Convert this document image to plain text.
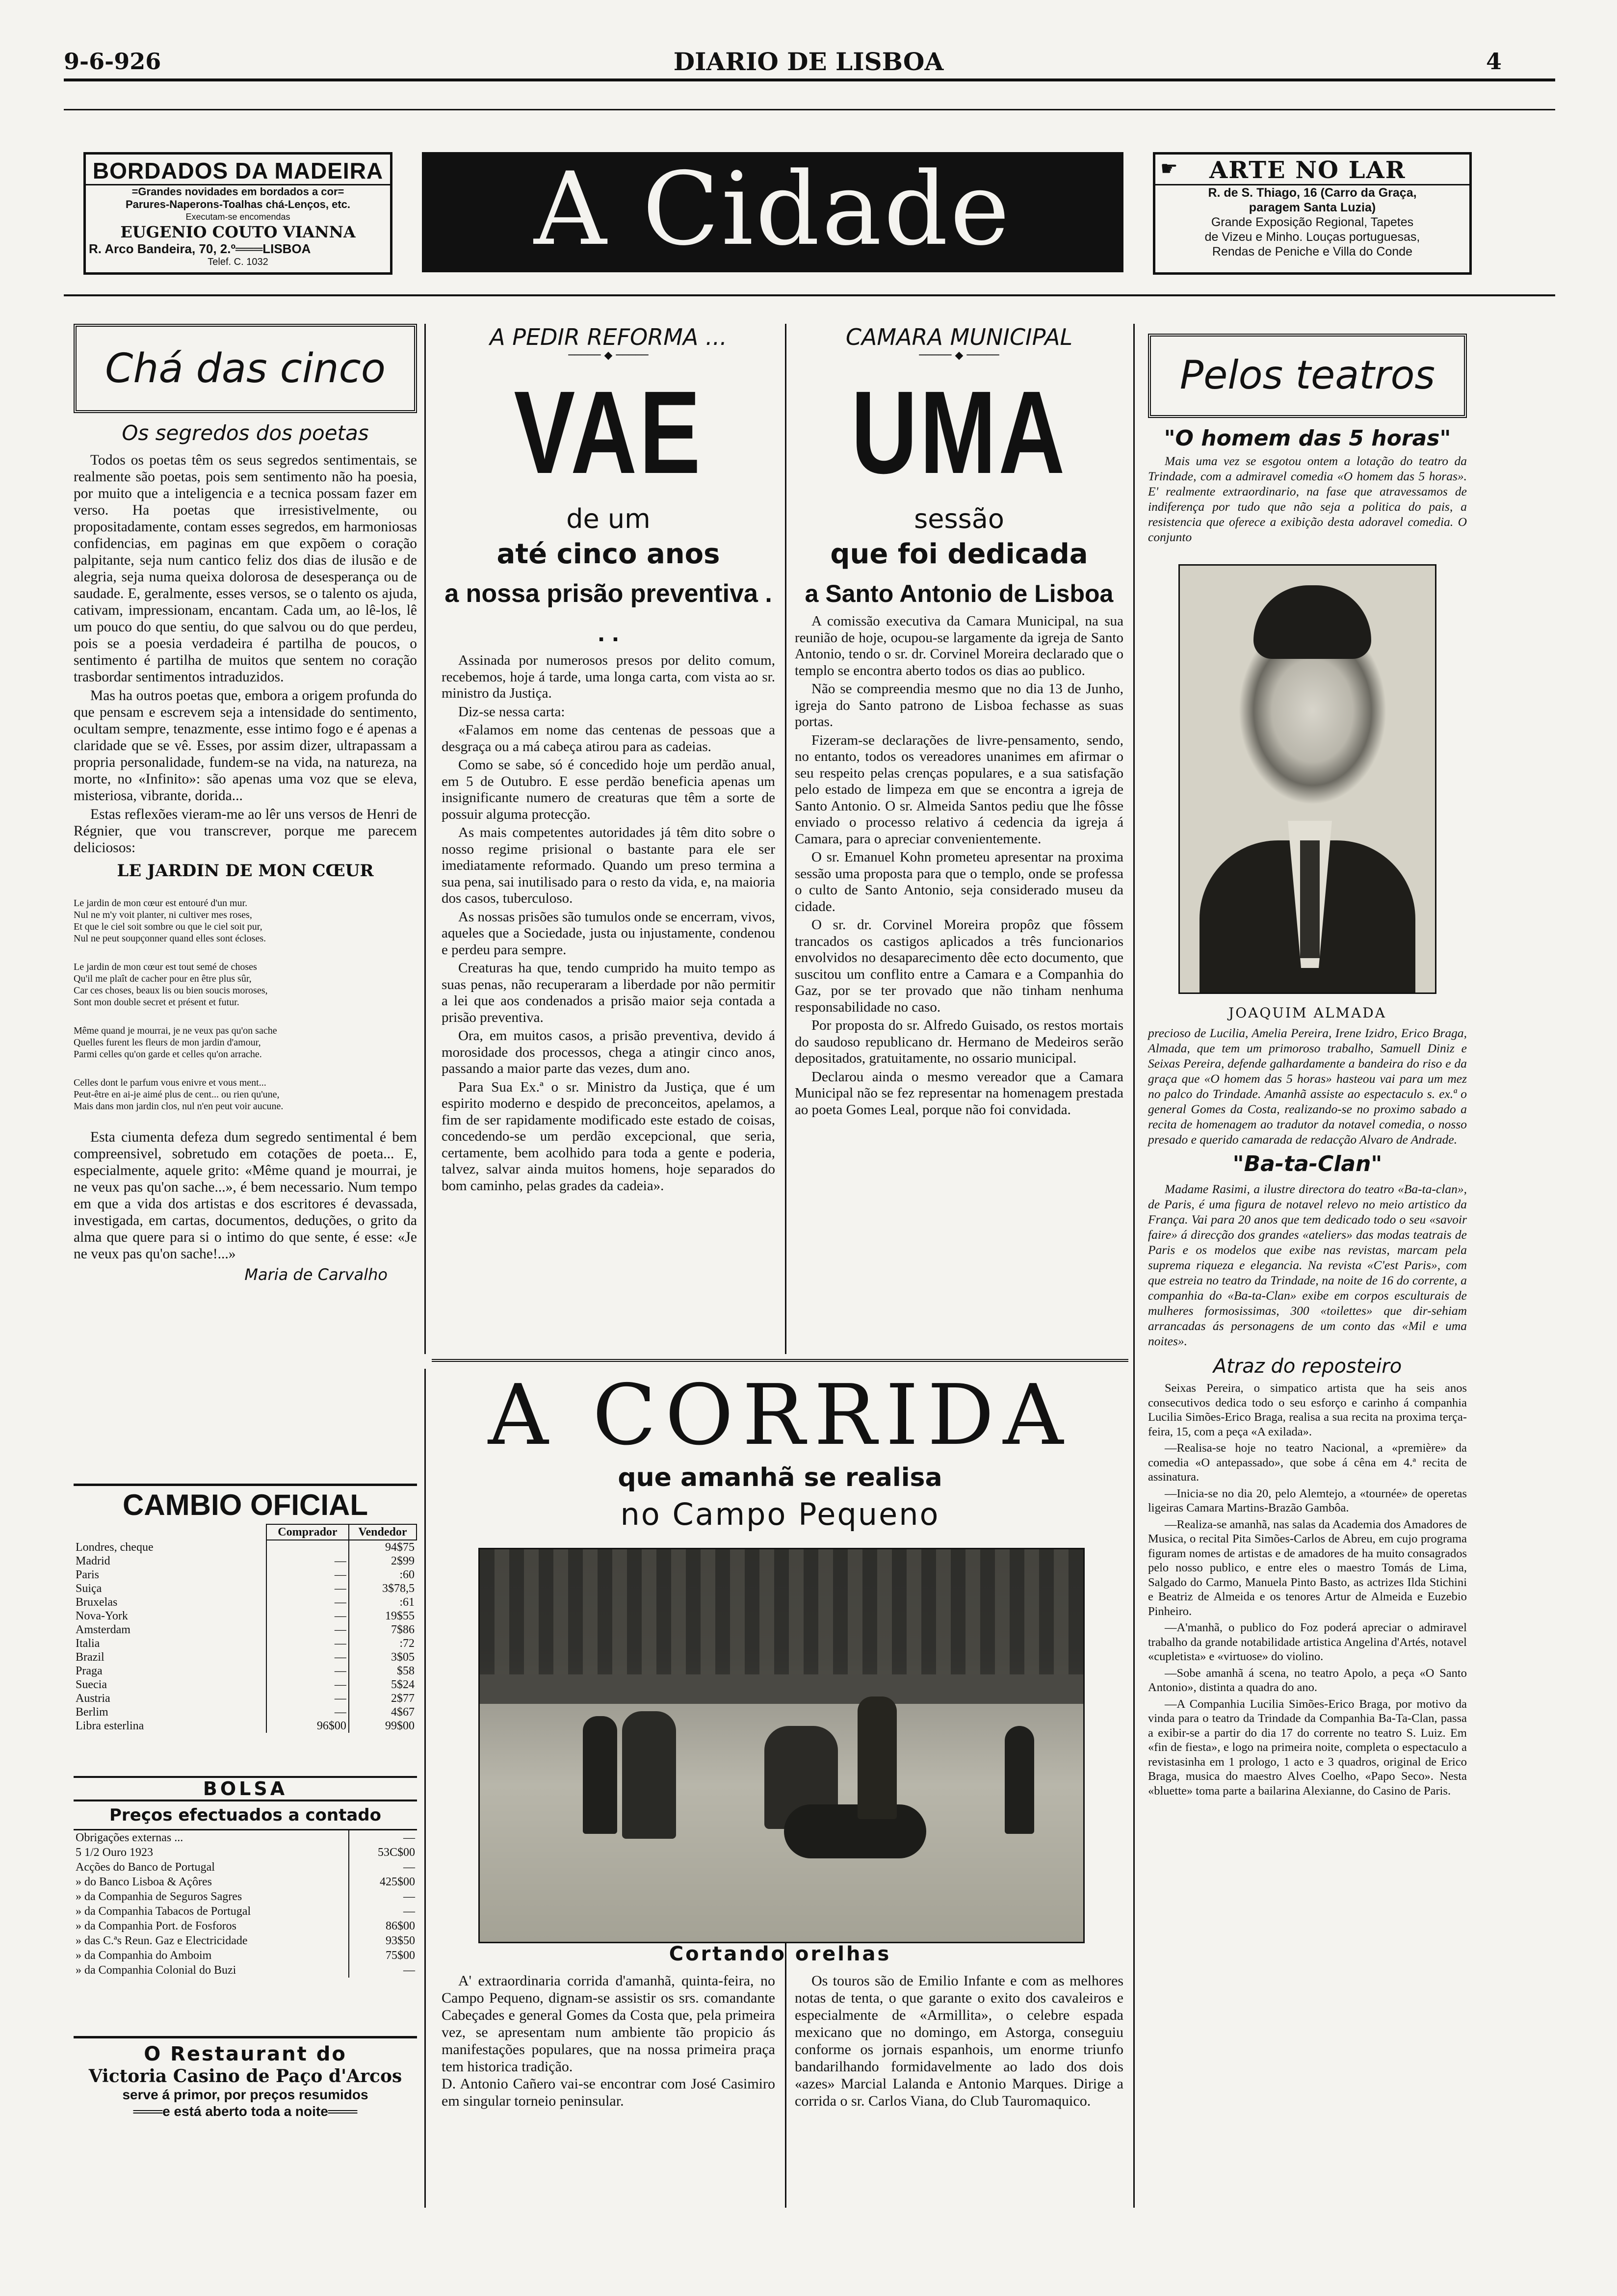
9-6-926	DIARIO DE LISBOA	4
BORDADOS DA MADEIRA
=Grandes novidades em bordados a cor=
Parures-Naperons-Toalhas chá-Lenços, etc.
Executam-se encomendas
EUGENIO COUTO VIANNA
R. Arco Bandeira, 70, 2.º═══LISBOA
Telef. C. 1032	A Cidade	☛ ARTE NO LAR
R. de S. Thiago, 16 (Carro da Graça,
paragem Santa Luzia)
Grande Exposição Regional, Tapetes
de Vizeu e Minho. Louças portuguesas,
Rendas de Peniche e Villa do Conde
Chá das cinco
Os segredos dos poetas

Todos os poetas têm os seus segredos sentimentais, se realmente são poetas, pois sem sentimento não ha poesia, por muito que a inteligencia e a tecnica possam fazer em verso. Ha poetas que irresistivelmente, ou propositadamente, contam esses segredos, em harmoniosas confidencias, em paginas em que expõem o coração palpitante, seja num cantico feliz dos dias de ilusão e de alegria, seja numa queixa dolorosa de desesperança ou de saudade. E, geralmente, esses versos, se o talento os ajuda, cativam, impressionam, encantam. Cada um, ao lê-los, lê um pouco do que sentiu, do que salvou ou do que perdeu, pois se a poesia verdadeira é partilha de poucos, o sentimento é partilha de muitos que sentem no coração trasbordar sentimentos intraduzidos.

Mas ha outros poetas que, embora a origem profunda do que pensam e escrevem seja a intensidade do sentimento, ocultam sempre, tenazmente, esse intimo fogo e é apenas a claridade que se vê. Esses, por assim dizer, ultrapassam a propria personalidade, fundem-se na vida, na natureza, na morte, no «Infinito»: são apenas uma voz que se eleva, misteriosa, vibrante, dorida...

Estas reflexões vieram-me ao lêr uns versos de Henri de Régnier, que vou transcrever, porque me parecem deliciosos:

LE JARDIN DE MON CŒUR

Le jardin de mon cœur est entouré d'un mur.
Nul ne m'y voit planter, ni cultiver mes roses,
Et que le ciel soit sombre ou que le ciel soit pur,
Nul ne peut soupçonner quand elles sont écloses.

Le jardin de mon cœur est tout semé de choses
Qu'il me plaît de cacher pour en être plus sûr,
Car ces choses, beaux lis ou bien soucis moroses,
Sont mon double secret et présent et futur.

Même quand je mourrai, je ne veux pas qu'on sache
Quelles furent les fleurs de mon jardin d'amour,
Parmi celles qu'on garde et celles qu'on arrache.

Celles dont le parfum vous enivre et vous ment...
Peut-être en ai-je aimé plus de cent... ou rien qu'une,
Mais dans mon jardin clos, nul n'en peut voir aucune.

Esta ciumenta defeza dum segredo sentimental é bem compreensivel, sobretudo em cotações de poeta... E, especialmente, aquele grito: «Même quand je mourrai, je ne veux pas qu'on sache...», é bem necessario. Num tempo em que a vida dos artistas e dos escritores é devassada, investigada, em cartas, documentos, deduções, o grito da alma que quere para si o intimo do que sente, é esse: «Je ne veux pas qu'on sache!...»

Maria de Carvalho
CAMBIO OFICIAL
	Comprador	Vendedor
Londres, cheque		94$75
Madrid	—	2$99
Paris	—	:60
Suiça	—	3$78,5
Bruxelas	—	:61
Nova-York	—	19$55
Amsterdam	—	7$86
Italia	—	:72
Brazil	—	3$05
Praga	—	$58
Suecia	—	5$24
Austria	—	2$77
Berlim	—	4$67
Libra esterlina	96$00	99$00
BOLSA
Preços efectuados a contado
Obrigações externas ...	—
5 1/2 Ouro 1923	53C$00
Acções do Banco de Portugal	—
» do Banco Lisboa & Açôres	425$00
» da Companhia de Seguros Sagres	—
» da Companhia Tabacos de Portugal	—
» da Companhia Port. de Fosforos	86$00
» das C.ªs Reun. Gaz e Electricidade	93$50
» da Companhia do Amboim	75$00
» da Companhia Colonial do Buzi	—
O Restaurant do
Victoria Casino de Paço d'Arcos
serve á primor, por preços resumidos
═══e está aberto toda a noite═══
A PEDIR REFORMA ...
───── ◆ ─────
VAE
de um
até cinco anos
a nossa prisão preventiva . . .

Assinada por numerosos presos por delito comum, recebemos, hoje á tarde, uma longa carta, com vista ao sr. ministro da Justiça.

Diz-se nessa carta:

«Falamos em nome das centenas de pessoas que a desgraça ou a má cabeça atirou para as cadeias.

Como se sabe, só é concedido hoje um perdão anual, em 5 de Outubro. E esse perdão beneficia apenas um insignificante numero de creaturas que têm a sorte de possuir alguma protecção.

As mais competentes autoridades já têm dito sobre o nosso regime prisional o bastante para ele ser imediatamente reformado. Quando um preso termina a sua pena, sai inutilisado para o resto da vida, e, na maioria dos casos, tuberculoso.

As nossas prisões são tumulos onde se encerram, vivos, aqueles que a Sociedade, justa ou injustamente, condenou e perdeu para sempre.

Creaturas ha que, tendo cumprido ha muito tempo as suas penas, não recuperaram a liberdade por não permitir a lei que aos condenados a prisão maior seja contada a prisão preventiva.

Ora, em muitos casos, a prisão preventiva, devido á morosidade dos processos, chega a atingir cinco anos, passando a maior parte das vezes, dum ano.

Para Sua Ex.ª o sr. Ministro da Justiça, que é um espirito moderno e despido de preconceitos, apelamos, a fim de ser rapidamente modificado este estado de coisas, concedendo-se um perdão excepcional, que seria, certamente, bem acolhido para toda a gente e poderia, talvez, salvar ainda muitos homens, hoje separados do bom caminho, pelas grades da cadeia».

CAMARA MUNICIPAL
───── ◆ ─────
UMA
sessão
que foi dedicada
a Santo Antonio de Lisboa

A comissão executiva da Camara Municipal, na sua reunião de hoje, ocupou-se largamente da igreja de Santo Antonio, tendo o sr. dr. Corvinel Moreira declarado que o templo se encontra aberto todos os dias ao publico.

Não se compreendia mesmo que no dia 13 de Junho, igreja do Santo patrono de Lisboa fechasse as suas portas.

Fizeram-se declarações de livre-pensamento, sendo, no entanto, todos os vereadores unanimes em afirmar o seu respeito pelas crenças populares, e a sua satisfação pelo estado de limpeza em que se encontra a igreja de Santo Antonio. O sr. Almeida Santos pediu que lhe fôsse enviado o processo relativo á cedencia da igreja á Camara, para o apreciar convenientemente.

O sr. Emanuel Kohn prometeu apresentar na proxima sessão uma proposta para que o templo, onde se professa o culto de Santo Antonio, seja considerado museu da cidade.

O sr. dr. Corvinel Moreira propôz que fôssem trancados os castigos aplicados a três funcionarios envolvidos no desaparecimento dêe ecto documento, que suscitou um conflito entre a Camara e a Companhia do Gaz, por se ter provado que não tinham nenhuma responsabilidade no caso.

Por proposta do sr. Alfredo Guisado, os restos mortais do saudoso republicano dr. Hermano de Medeiros serão depositados, gratuitamente, no ossario municipal.

Declarou ainda o mesmo vereador que a Camara Municipal não se fez representar na homenagem prestada ao poeta Gomes Leal, porque não foi convidada.

A CORRIDA
que amanhã se realisa
no Campo Pequeno
Cortando orelhas
A' extraordinaria corrida d'amanhã, quinta-feira, no Campo Pequeno, dignam-se assistir os srs. comandante Cabeçades e general Gomes da Costa que, pela primeira vez, se apresentam num ambiente tão propicio ás manifestações populares, que na nossa primeira praça tem historica tradição.
D. Antonio Cañero vai-se encontrar com José Casimiro em singular torneio peninsular.
Os touros são de Emilio Infante e com as melhores notas de tenta, o que garante o exito dos cavaleiros e especialmente de «Armillita», o celebre espada mexicano que no domingo, em Astorga, conseguiu conforme os jornais espanhois, um enorme triunfo bandarilhando formidavelmente ao lado dos dois «azes» Marcial Lalanda e Antonio Marques. Dirige a corrida o sr. Carlos Viana, do Club Tauromaquico.
Pelos teatros
"O homem das 5 horas"
Mais uma vez se esgotou ontem a lotação do teatro da Trindade, com a admiravel comedia «O homem das 5 horas». E' realmente extraordinario, na fase que atravessamos de indiferença por tudo que não seja a politica do pais, a resistencia que oferece a exibição desta adoravel comedia. O conjunto
JOAQUIM ALMADA
precioso de Lucilia, Amelia Pereira, Irene Izidro, Erico Braga, Almada, que tem um primoroso trabalho, Samuell Diniz e Seixas Pereira, defende galhardamente a bandeira do riso e da graça que «O homem das 5 horas» hasteou vai para um mez no palco do Trindade. Amanhã assiste ao espectaculo s. ex.ª o general Gomes da Costa, realizando-se no proximo sabado a recita de homenagem ao tradutor da notavel comedia, o nosso presado e querido camarada de redacção Alvaro de Andrade.
"Ba-ta-Clan"
Madame Rasimi, a ilustre directora do teatro «Ba-ta-clan», de Paris, é uma figura de notavel relevo no meio artistico da França. Vai para 20 anos que tem dedicado todo o seu «savoir faire» á direcção dos grandes «ateliers» das modas teatrais de Paris e os modelos que exibe nas revistas, marcam pela suprema riqueza e elegancia. Na revista «C'est Paris», com que estreia no teatro da Trindade, na noite de 16 do corrente, a companhia do «Ba-ta-Clan» exibe em corpos esculturais de mulheres formosissimas, 300 «toilettes» que dir-sehiam arrancadas ás personagens de um conto das «Mil e uma noites».
Atraz do reposteiro

Seixas Pereira, o simpatico artista que ha seis anos consecutivos dedica todo o seu esforço e carinho á companhia Lucilia Simões-Erico Braga, realisa a sua recita na proxima terça-feira, 15, com a peça «A exilada».

—Realisa-se hoje no teatro Nacional, a «première» da comedia «O antepassado», que sobe á cêna em 4.ª recita de assinatura.

—Inicia-se no dia 20, pelo Alemtejo, a «tournée» de operetas ligeiras Camara Martins-Brazão Gambôa.

—Realiza-se amanhã, nas salas da Academia dos Amadores de Musica, o recital Pita Simões-Carlos de Abreu, em cujo programa figuram nomes de artistas e de amadores de ha muito consagrados pelo nosso publico, e entre eles o maestro Tomás de Lima, Salgado do Carmo, Manuela Pinto Basto, as actrizes Ilda Stichini e Beatriz de Almeida e os tenores Artur de Almeida e Euzebio Pinheiro.

—A'manhã, o publico do Foz poderá apreciar o admiravel trabalho da grande notabilidade artistica Angelina d'Artés, notavel «cupletista» e «virtuose» do violino.

—Sobe amanhã á scena, no teatro Apolo, a peça «O Santo Antonio», distinta a quadra do ano.

—A Companhia Lucilia Simões-Erico Braga, por motivo da vinda para o teatro da Trindade da Companhia Ba-Ta-Clan, passa a exibir-se a partir do dia 17 do corrente no teatro S. Luiz. Em «fin de fiesta», e logo na primeira noite, completa o espectaculo a revistasinha em 1 prologo, 1 acto e 3 quadros, original de Erico Braga, musica do maestro Alves Coelho, «Papo Seco». Nesta «bluette» toma parte a bailarina Alexianne, do Casino de Paris.
